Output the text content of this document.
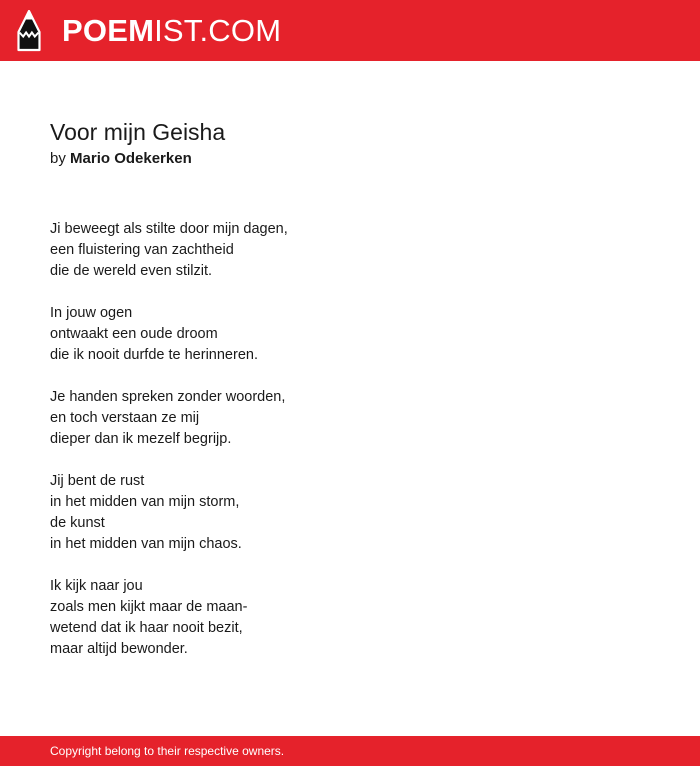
POEMIST.COM
Voor mijn Geisha
by Mario Odekerken
Ji beweegt als stilte door mijn dagen,
een fluistering van zachtheid
die de wereld even stilzit.
In jouw ogen
ontwaakt een oude droom
die ik nooit durfde te herinneren.
Je handen spreken zonder woorden,
en toch verstaan ze mij
dieper dan ik mezelf begrijp.
Jij bent de rust
in het midden van mijn storm,
de kunst
in het midden van mijn chaos.
Ik kijk naar jou
zoals men kijkt maar de maan-
wetend dat ik haar nooit bezit,
maar altijd bewonder.
Copyright belong to their respective owners.
